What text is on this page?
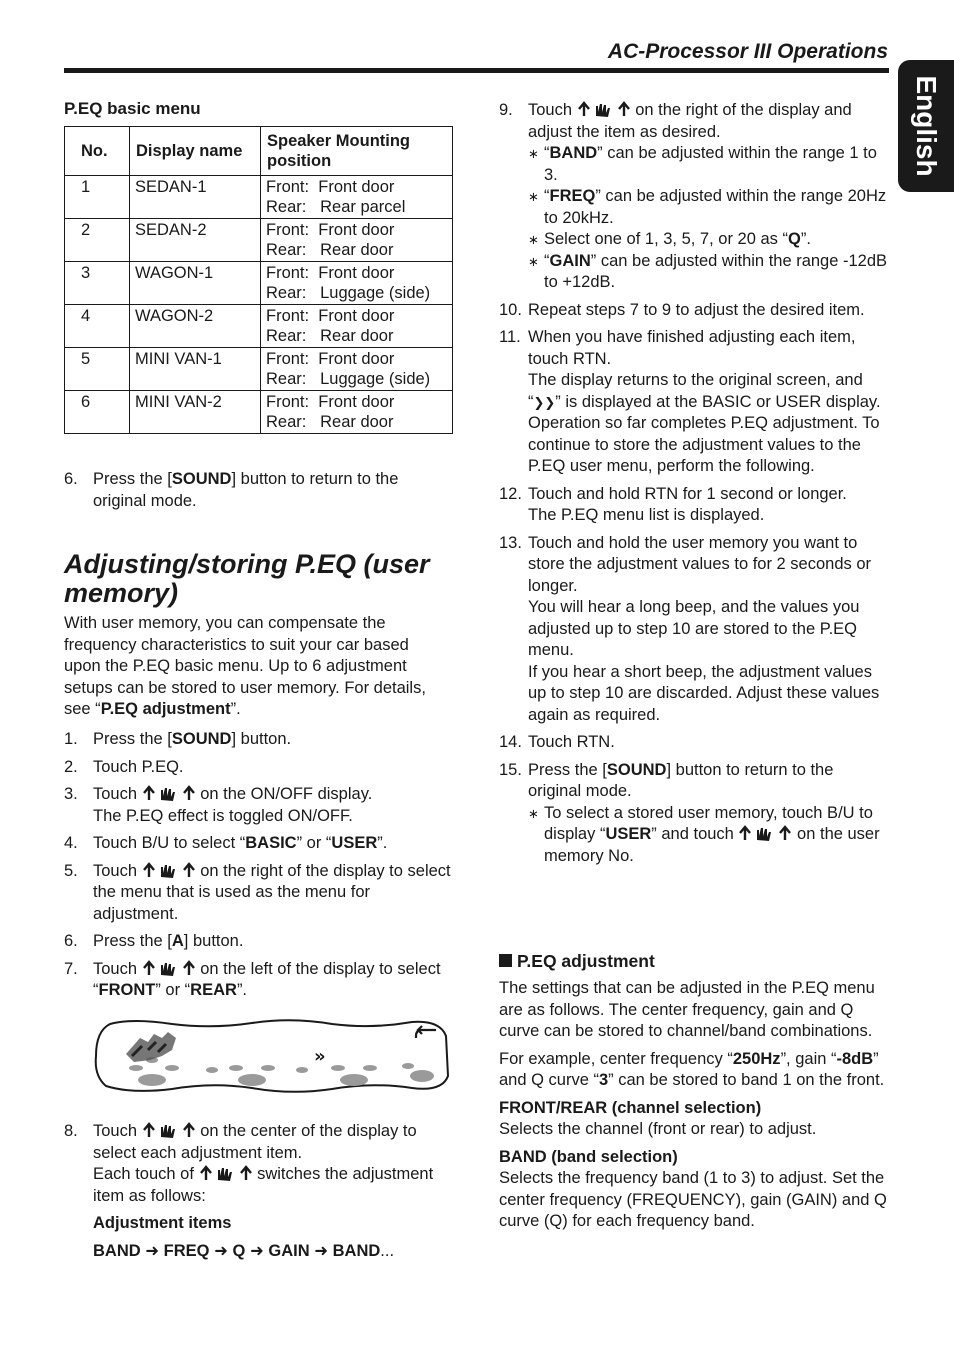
AC-Processor III Operations
English
P.EQ basic menu
No.	Display name	Speaker Mounting position
1	SEDAN-1	Front:  Front door
Rear:   Rear parcel

2	SEDAN-2	Front:  Front door
Rear:   Rear door

3	WAGON-1	Front:  Front door
Rear:   Luggage (side)

4	WAGON-2	Front:  Front door
Rear:   Rear door

5	MINI VAN-1	Front:  Front door
Rear:   Luggage (side)

6	MINI VAN-2	Front:  Front door
Rear:   Rear door
6. Press the [SOUND] button to return to the original mode.
Adjusting/storing P.EQ (user memory)
With user memory, you can compensate the frequency characteristics to suit your car based upon the P.EQ basic menu. Up to 6 adjustment setups can be stored to user memory. For details, see “P.EQ adjustment”.
1. Press the [SOUND] button.
2. Touch P.EQ.
3. Touch	on the ON/OFF display.
The P.EQ effect is toggled ON/OFF.
4. Touch B/U to select “BASIC” or “USER”.
5. Touch	on the right of the display to select the menu that is used as the menu for adjustment.
6. Press the [A] button.
7. Touch	on the left of the display to select “FRONT” or “REAR”.
»
8. Touch	on the center of the display to select each adjustment item.
Each touch of	switches the adjustment item as follows:
Adjustment items
BAND ➜ FREQ ➜ Q ➜ GAIN ➜ BAND...
9. Touch	on the right of the display and adjust the item as desired.
∗ “BAND” can be adjusted within the range 1 to 3.
∗ “FREQ” can be adjusted within the range 20Hz to 20kHz.
∗ Select one of 1, 3, 5, 7, or 20 as “Q”.
∗ “GAIN” can be adjusted within the range -12dB to +12dB.
10. Repeat steps 7 to 9 to adjust the desired item.
11. When you have finished adjusting each item, touch RTN.
The display returns to the original screen, and “❯❯” is displayed at the BASIC or USER display.
Operation so far completes P.EQ adjustment. To continue to store the adjustment values to the P.EQ user menu, perform the following.
12. Touch and hold RTN for 1 second or longer.
The P.EQ menu list is displayed.
13. Touch and hold the user memory you want to store the adjustment values to for 2 seconds or longer.
You will hear a long beep, and the values you adjusted up to step 10 are stored to the P.EQ menu.
If you hear a short beep, the adjustment values up to step 10 are discarded. Adjust these values again as required.
14. Touch RTN.
15. Press the [SOUND] button to return to the original mode.
∗ To select a stored user memory, touch B/U to display “USER” and touch	on the user memory No.
P.EQ adjustment
The settings that can be adjusted in the P.EQ menu are as follows. The center frequency, gain and Q curve can be stored to channel/band combinations.
For example, center frequency “250Hz”, gain “-8dB” and Q curve “3” can be stored to band 1 on the front.
FRONT/REAR (channel selection)
Selects the channel (front or rear) to adjust.
BAND (band selection)
Selects the frequency band (1 to 3) to adjust. Set the center frequency (FREQUENCY), gain (GAIN) and Q curve (Q) for each frequency band.
